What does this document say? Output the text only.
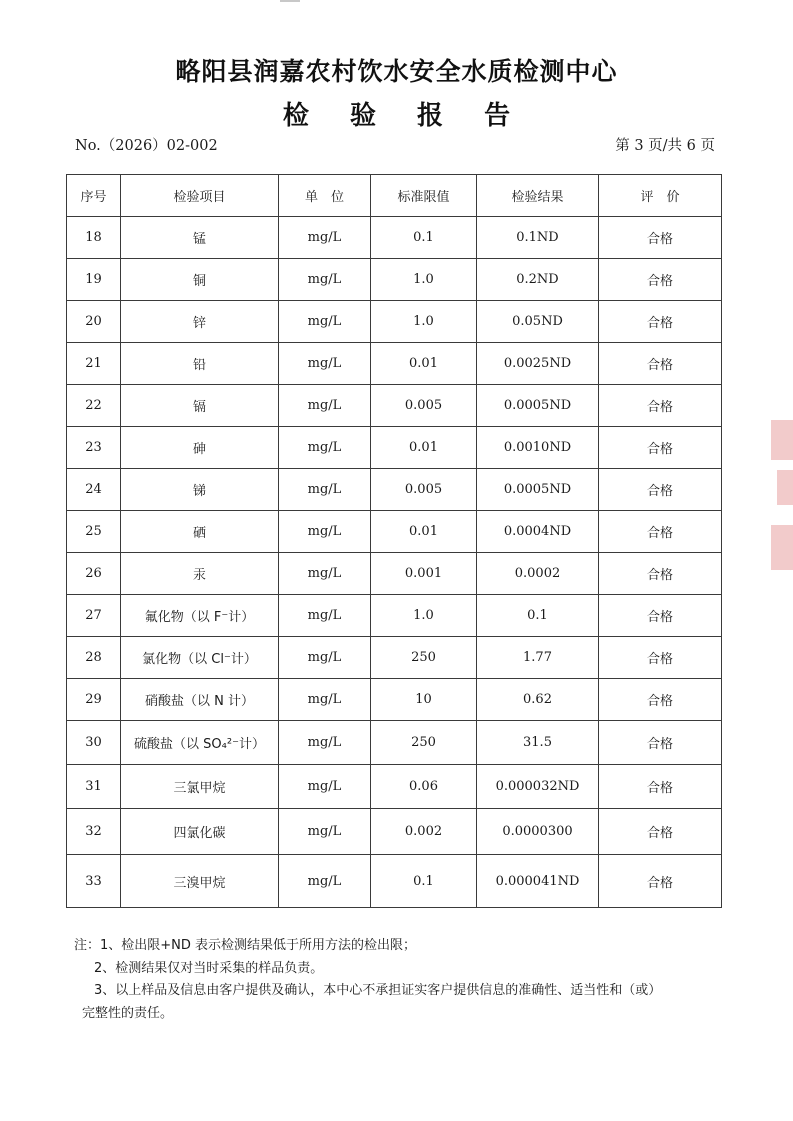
略阳县润嘉农村饮水安全水质检测中心
检 验 报 告
No.（2026）02-002	第 3 页/共 6 页
序号	检验项目	单　位	标准限值	检验结果	评　价
18	锰	mg/L	0.1	0.1ND	合格
19	铜	mg/L	1.0	0.2ND	合格
20	锌	mg/L	1.0	0.05ND	合格
21	铅	mg/L	0.01	0.0025ND	合格
22	镉	mg/L	0.005	0.0005ND	合格
23	砷	mg/L	0.01	0.0010ND	合格
24	锑	mg/L	0.005	0.0005ND	合格
25	硒	mg/L	0.01	0.0004ND	合格
26	汞	mg/L	0.001	0.0002	合格
27	氟化物（以 F⁻计）	mg/L	1.0	0.1	合格
28	氯化物（以 Cl⁻计）	mg/L	250	1.77	合格
29	硝酸盐（以 N 计）	mg/L	10	0.62	合格
30	硫酸盐（以 SO₄²⁻计）	mg/L	250	31.5	合格
31	三氯甲烷	mg/L	0.06	0.000032ND	合格
32	四氯化碳	mg/L	0.002	0.0000300	合格
33	三溴甲烷	mg/L	0.1	0.000041ND	合格
注：1、检出限+ND 表示检测结果低于所用方法的检出限；
2、检测结果仅对当时采集的样品负责。
3、以上样品及信息由客户提供及确认，本中心不承担证实客户提供信息的准确性、适当性和（或）
完整性的责任。
